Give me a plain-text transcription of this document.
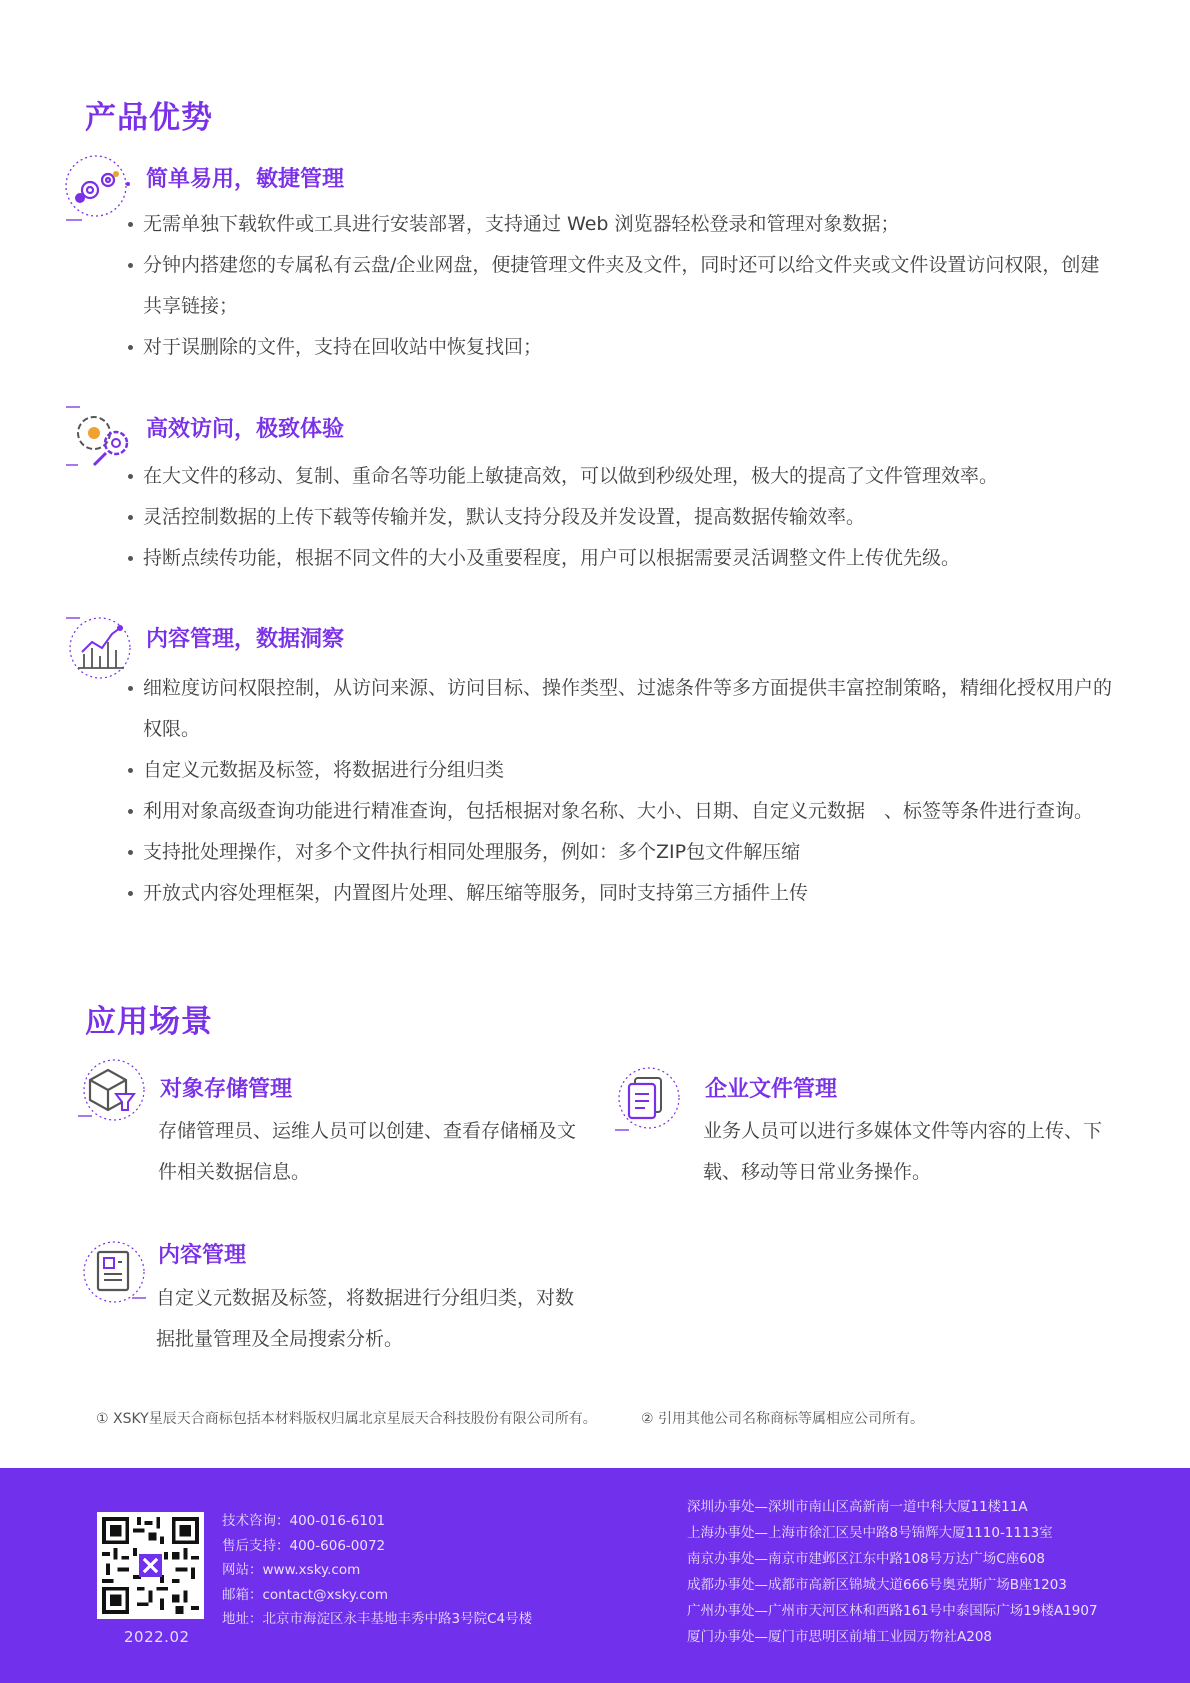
产品优势
简单易用，敏捷管理
无需单独下载软件或工具进行安装部署，支持通过 Web 浏览器轻松登录和管理对象数据；
分钟内搭建您的专属私有云盘/企业网盘，便捷管理文件夹及文件，同时还可以给文件夹或文件设置访问权限，创建共享链接；
对于误删除的文件，支持在回收站中恢复找回；
高效访问，极致体验
在大文件的移动、复制、重命名等功能上敏捷高效，可以做到秒级处理，极大的提高了文件管理效率。
灵活控制数据的上传下载等传输并发，默认支持分段及并发设置，提高数据传输效率。
持断点续传功能，根据不同文件的大小及重要程度，用户可以根据需要灵活调整文件上传优先级。
内容管理，数据洞察
细粒度访问权限控制，从访问来源、访问目标、操作类型、过滤条件等多方面提供丰富控制策略，精细化授权用户的权限。
自定义元数据及标签，将数据进行分组归类
利用对象高级查询功能进行精准查询，包括根据对象名称、大小、日期、自定义元数据　、标签等条件进行查询。
支持批处理操作，对多个文件执行相同处理服务，例如：多个ZIP包文件解压缩
开放式内容处理框架，内置图片处理、解压缩等服务，同时支持第三方插件上传
应用场景
对象存储管理
存储管理员、运维人员可以创建、查看存储桶及文件相关数据信息。
企业文件管理
业务人员可以进行多媒体文件等内容的上传、下载、移动等日常业务操作。
内容管理
自定义元数据及标签，将数据进行分组归类，对数据批量管理及全局搜索分析。
① XSKY星辰天合商标包括本材料版权归属北京星辰天合科技股份有限公司所有。	② 引用其他公司名称商标等属相应公司所有。
2022.02
技术咨询：400-016-6101
售后支持：400-606-0072
网站：www.xsky.com
邮箱：contact@xsky.com
地址：北京市海淀区永丰基地丰秀中路3号院C4号楼
深圳办事处—深圳市南山区高新南一道中科大厦11楼11A
上海办事处—上海市徐汇区吴中路8号锦辉大厦1110-1113室
南京办事处—南京市建邺区江东中路108号万达广场C座608
成都办事处—成都市高新区锦城大道666号奥克斯广场B座1203
广州办事处—广州市天河区林和西路161号中泰国际广场19楼A1907
厦门办事处—厦门市思明区前埔工业园万物社A208
